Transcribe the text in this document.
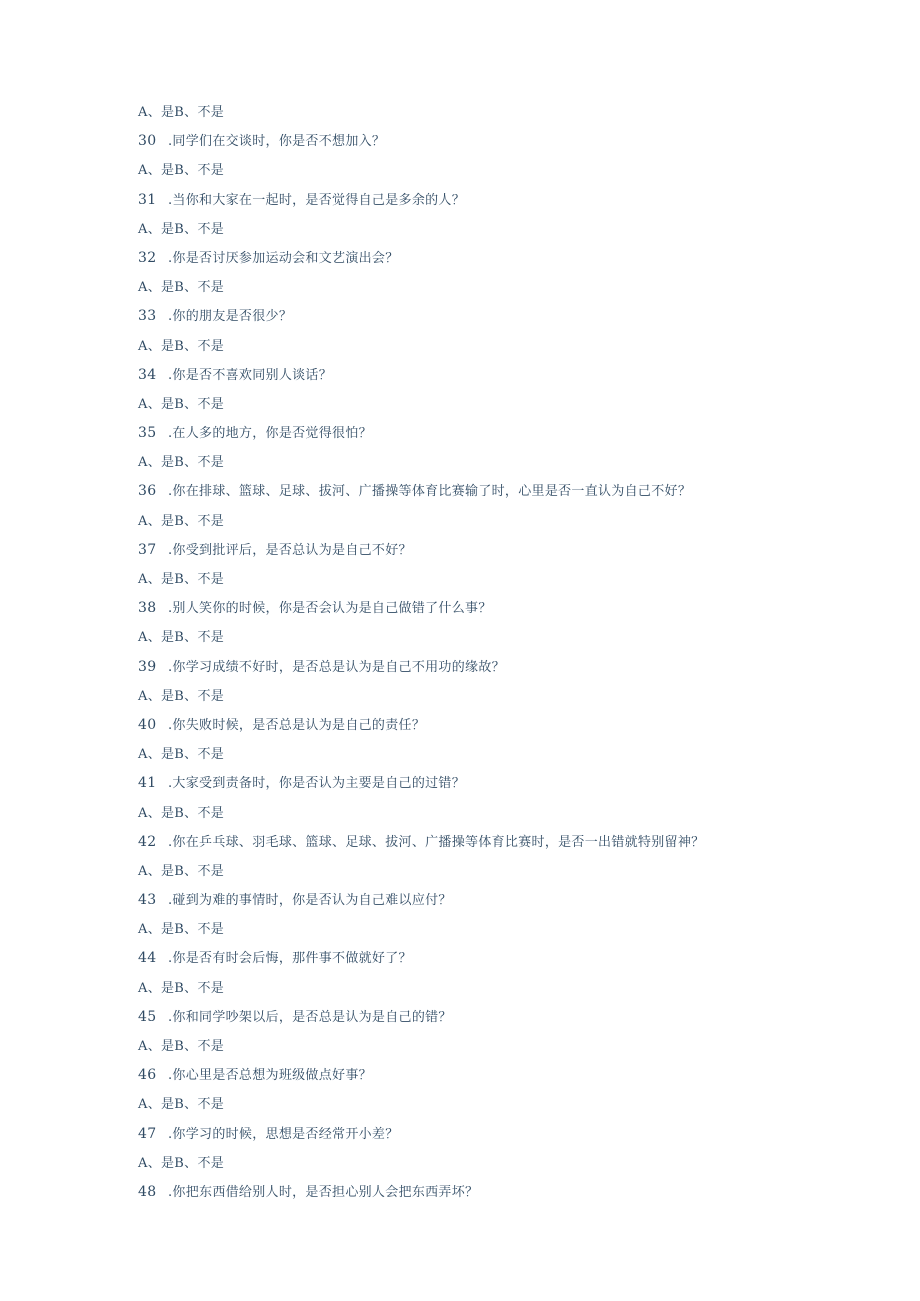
A、是B、不是
30 .同学们在交谈时，你是否不想加入？
A、是B、不是
31 .当你和大家在一起时，是否觉得自己是多余的人？
A、是B、不是
32 .你是否讨厌参加运动会和文艺演出会？
A、是B、不是
33 .你的朋友是否很少？
A、是B、不是
34 .你是否不喜欢同别人谈话？
A、是B、不是
35 .在人多的地方，你是否觉得很怕？
A、是B、不是
36 .你在排球、篮球、足球、拔河、广播操等体育比赛输了时，心里是否一直认为自己不好？
A、是B、不是
37 .你受到批评后，是否总认为是自己不好？
A、是B、不是
38 .别人笑你的时候，你是否会认为是自己做错了什么事？
A、是B、不是
39 .你学习成绩不好时，是否总是认为是自己不用功的缘故？
A、是B、不是
40 .你失败时候，是否总是认为是自己的责任？
A、是B、不是
41 .大家受到责备时，你是否认为主要是自己的过错？
A、是B、不是
42 .你在乒乓球、羽毛球、篮球、足球、拔河、广播操等体育比赛时，是否一出错就特别留神？
A、是B、不是
43 .碰到为难的事情时，你是否认为自己难以应付？
A、是B、不是
44 .你是否有时会后悔，那件事不做就好了？
A、是B、不是
45 .你和同学吵架以后，是否总是认为是自己的错？
A、是B、不是
46 .你心里是否总想为班级做点好事？
A、是B、不是
47 .你学习的时候，思想是否经常开小差？
A、是B、不是
48 .你把东西借给别人时，是否担心别人会把东西弄坏？
